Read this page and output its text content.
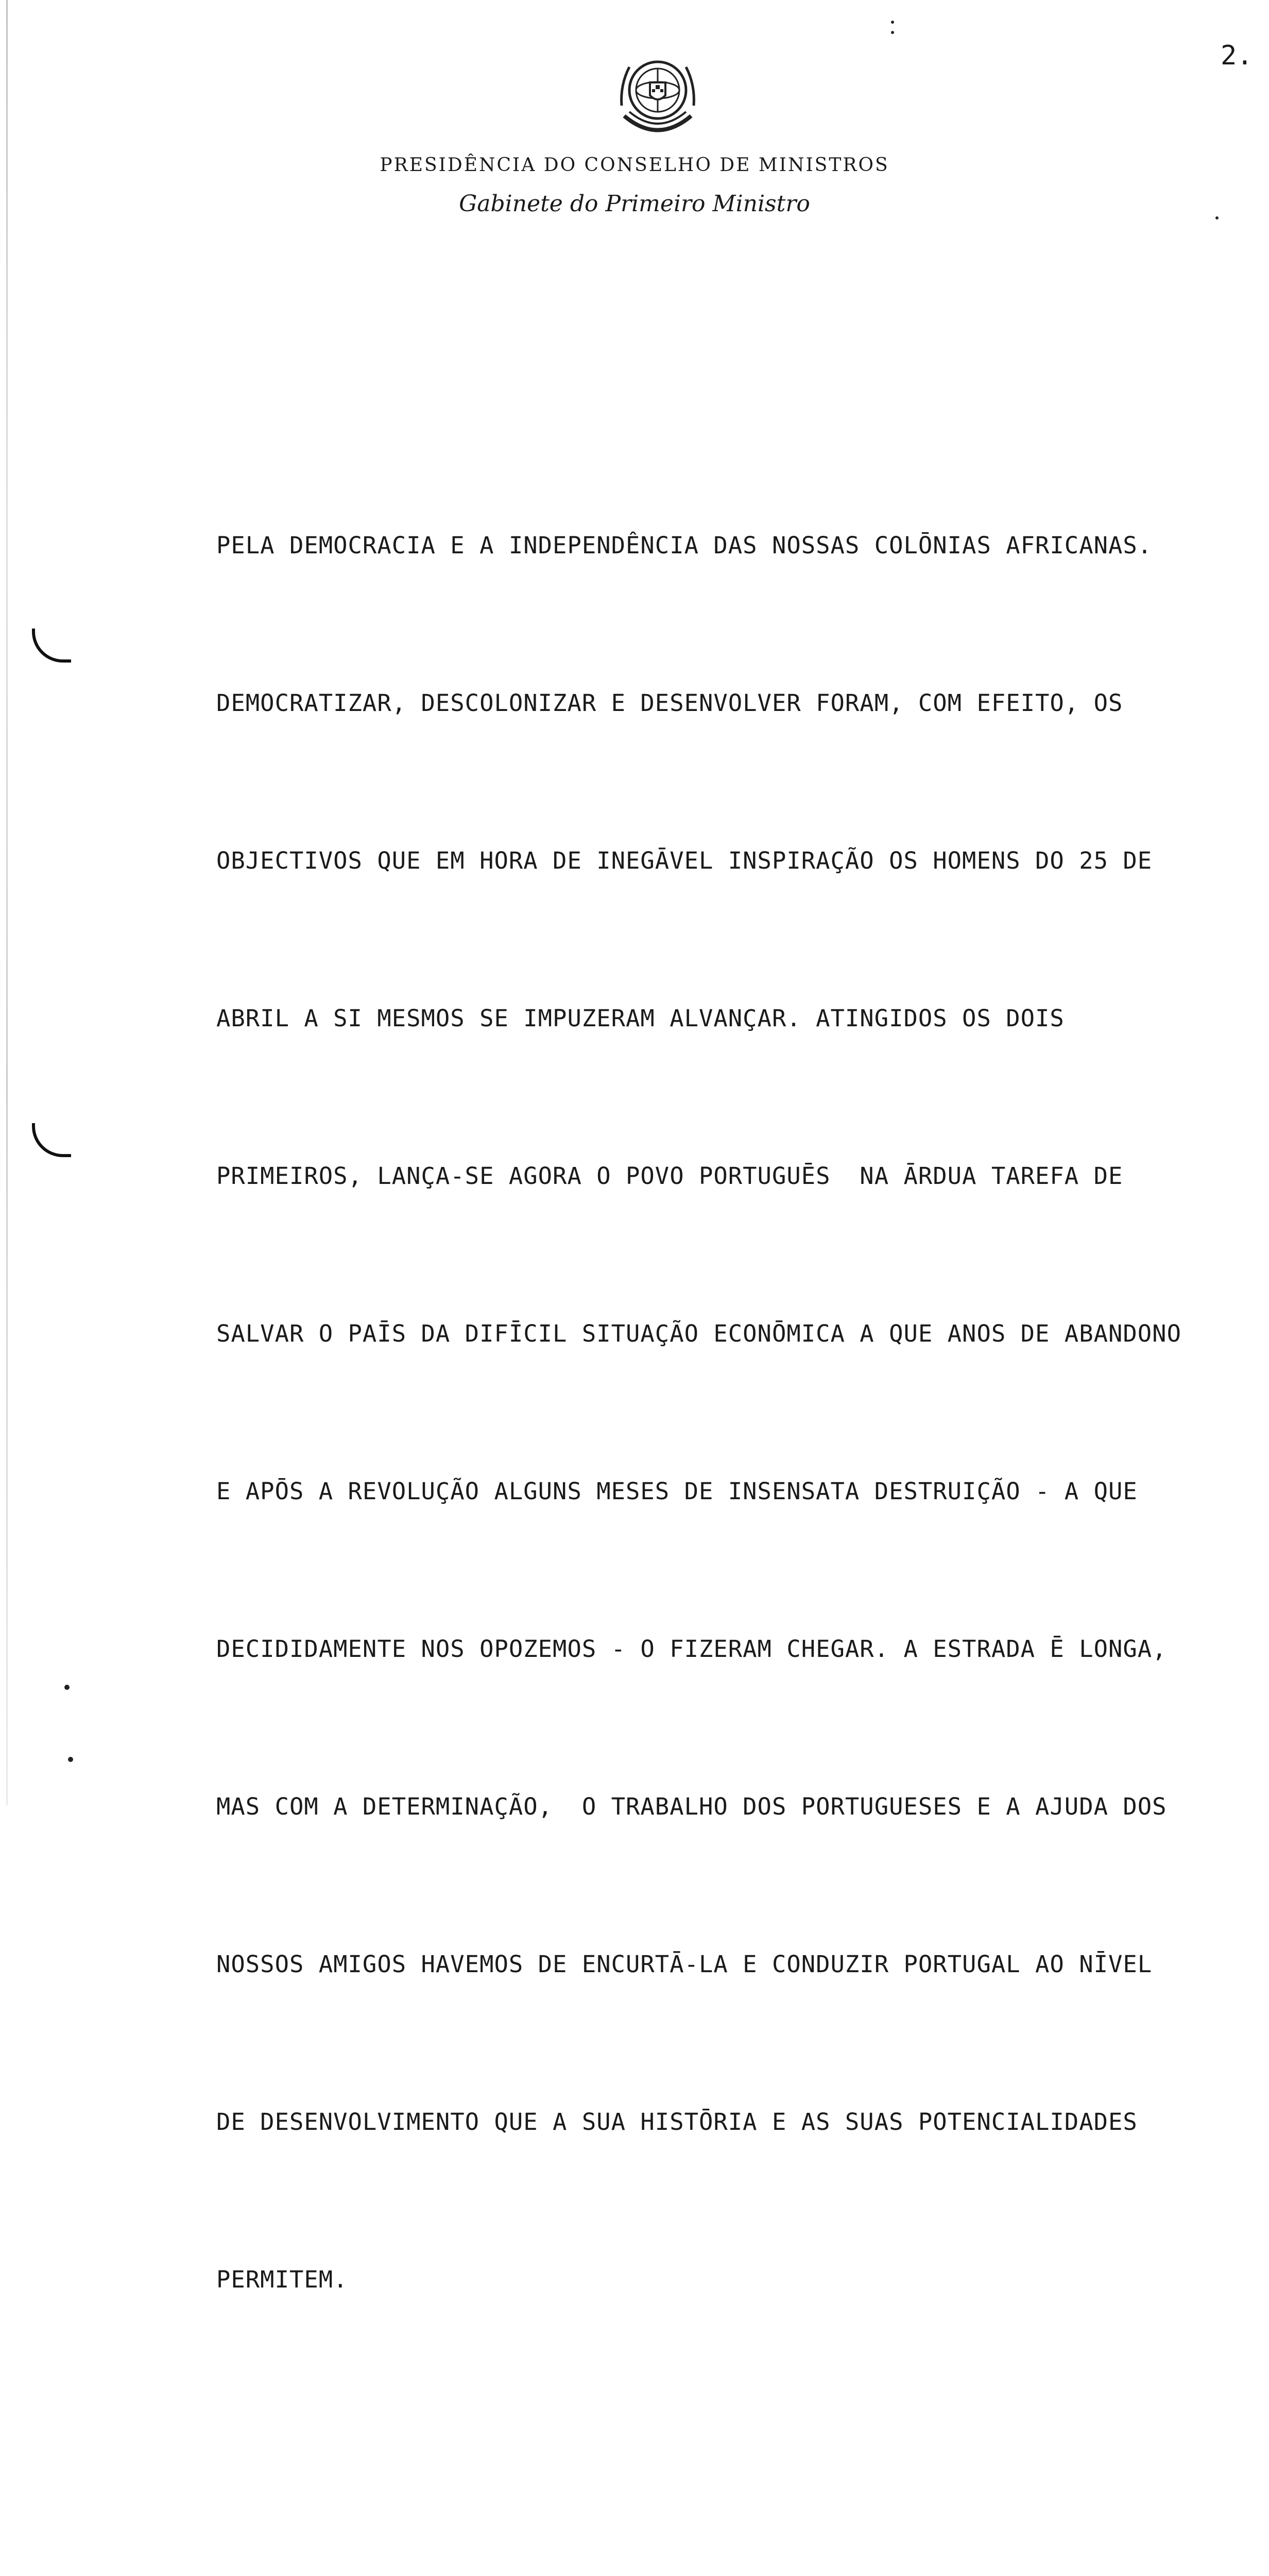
2.
PRESIDÊNCIA DO CONSELHO DE MINISTROS
Gabinete do Primeiro Ministro

PELA DEMOCRACIA E A INDEPENDÊNCIA DAS NOSSAS COLŌNIAS AFRICANAS.

DEMOCRATIZAR, DESCOLONIZAR E DESENVOLVER FORAM, COM EFEITO, OS

OBJECTIVOS QUE EM HORA DE INEGĀVEL INSPIRAÇÃO OS HOMENS DO 25 DE

ABRIL A SI MESMOS SE IMPUZERAM ALVANÇAR. ATINGIDOS OS DOIS

PRIMEIROS, LANÇA-SE AGORA O POVO PORTUGUĒS  NA ĀRDUA TAREFA DE

SALVAR O PAĪS DA DIFĪCIL SITUAÇÃO ECONŌMICA A QUE ANOS DE ABANDONO

E APŌS A REVOLUÇÃO ALGUNS MESES DE INSENSATA DESTRUIÇÃO - A QUE

DECIDIDAMENTE NOS OPOZEMOS - O FIZERAM CHEGAR. A ESTRADA Ē LONGA,

MAS COM A DETERMINAÇÃO,  O TRABALHO DOS PORTUGUESES E A AJUDA DOS

NOSSOS AMIGOS HAVEMOS DE ENCURTĀ-LA E CONDUZIR PORTUGAL AO NĪVEL

DE DESENVOLVIMENTO QUE A SUA HISTŌRIA E AS SUAS POTENCIALIDADES

PERMITEM.
